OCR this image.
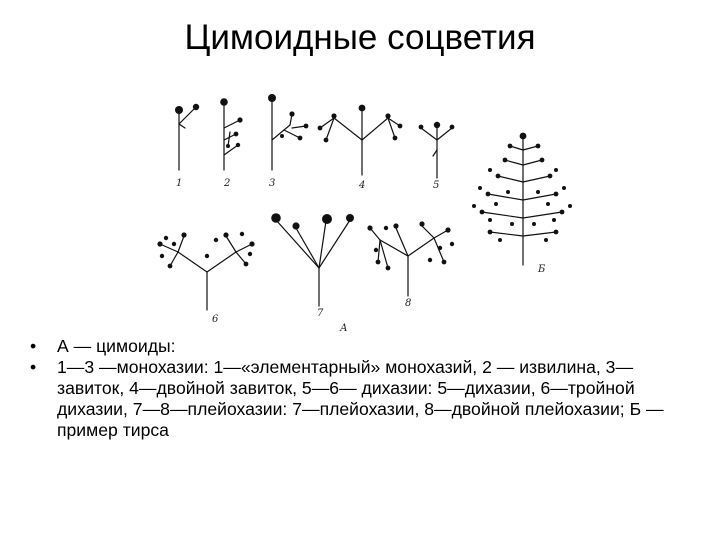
Цимоидные соцветия
1	2	3	4	5
Б
6
7
8
А
• А — цимоиды:
• 1—3 —монохазии: 1—«элементарный» монохазий, 2 — извилина, 3—завиток, 4—двойной завиток, 5—6— дихазии: 5—дихазии, 6—тройной дихазии, 7—8—плейохазии: 7—плейохазии, 8—двойной плейохазии; Б — пример тирса
